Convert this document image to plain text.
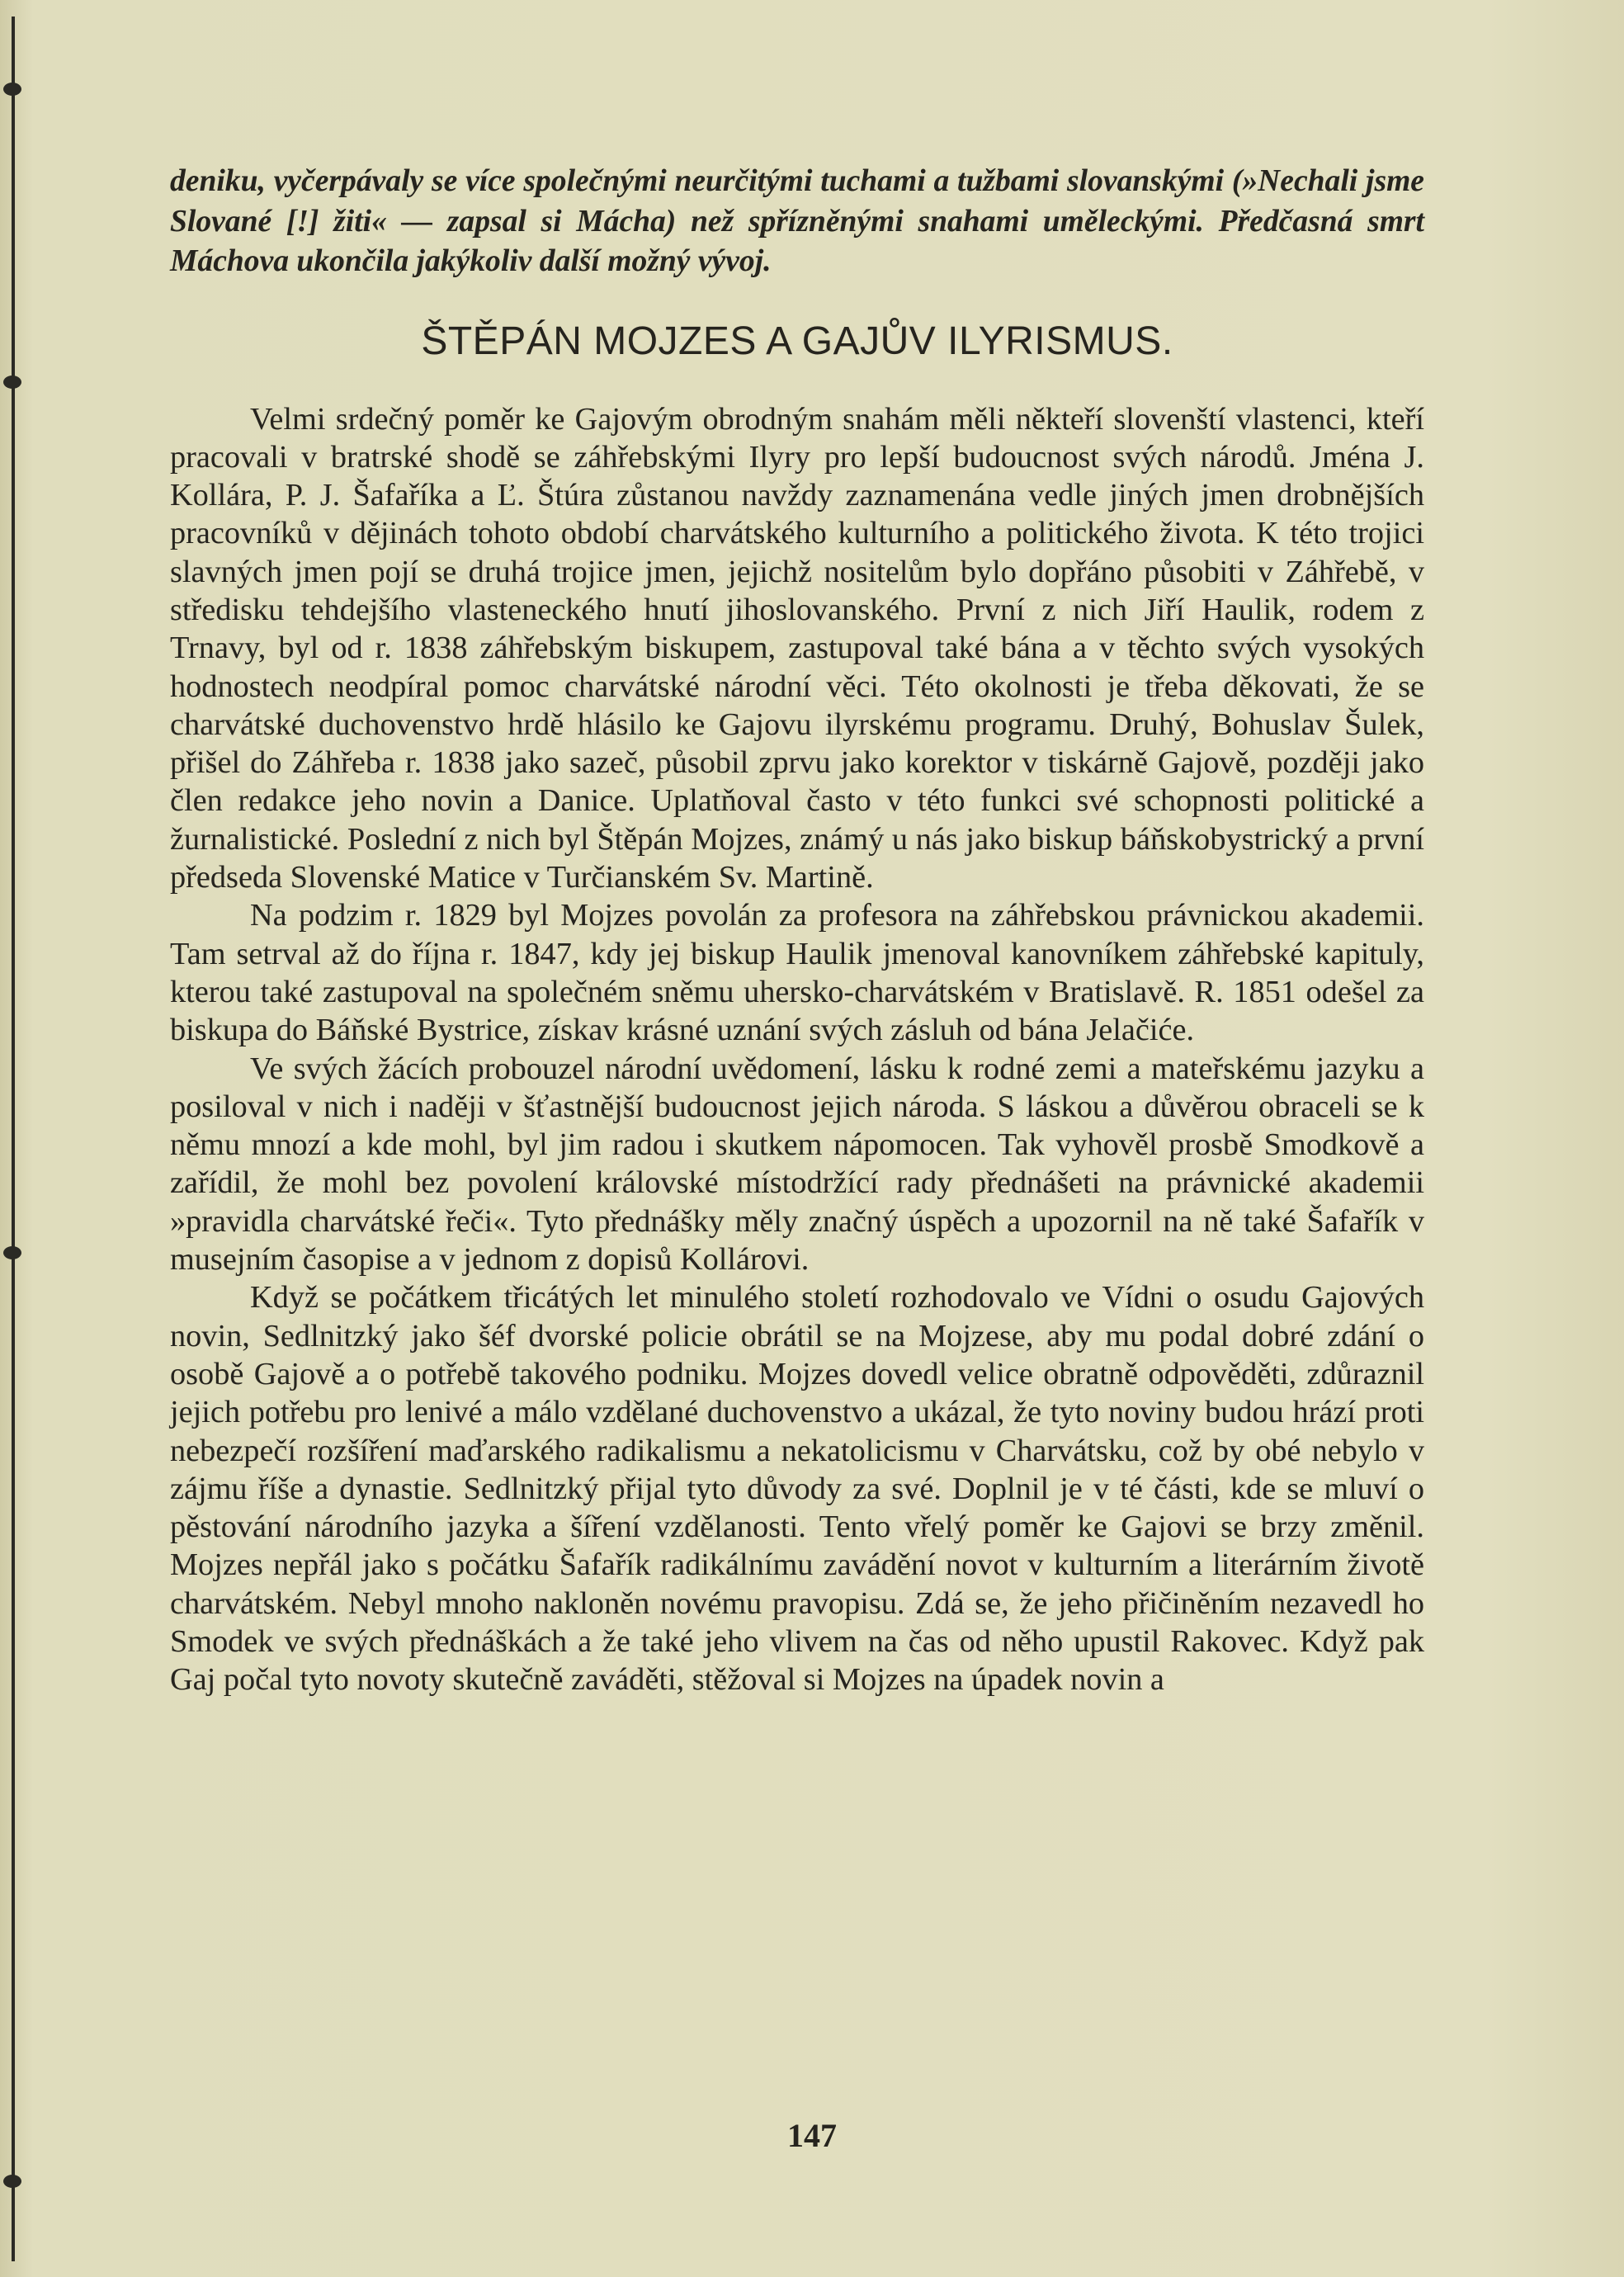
deniku, vyčerpávaly se více společnými neurčitými tuchami a tužbami slovanskými (»Nechali jsme Slované [!] žiti« — zapsal si Mácha) než spřízněnými snahami uměleckými. Předčasná smrt Máchova ukončila jakýkoliv další možný vývoj.

ŠTĚPÁN MOJZES A GAJŮV ILYRISMUS.

Velmi srdečný poměr ke Gajovým obrodným snahám měli někteří slovenští vlastenci, kteří pracovali v bratrské shodě se záhřebskými Ilyry pro lepší budoucnost svých národů. Jména J. Kollára, P. J. Šafaříka a Ľ. Štúra zůstanou navždy zaznamenána vedle jiných jmen drobnějších pracovníků v dějinách tohoto období charvátského kulturního a politického života. K této trojici slavných jmen pojí se druhá trojice jmen, jejichž nositelům bylo dopřáno působiti v Záhřebě, v středisku tehdejšího vlasteneckého hnutí jihoslovanského. První z nich Jiří Haulik, rodem z Trnavy, byl od r. 1838 záhřebským biskupem, zastupoval také bána a v těchto svých vysokých hodnostech neodpíral pomoc charvátské národní věci. Této okolnosti je třeba děkovati, že se charvátské duchovenstvo hrdě hlásilo ke Gajovu ilyrskému programu. Druhý, Bohuslav Šulek, přišel do Záhřeba r. 1838 jako sazeč, působil zprvu jako korektor v tiskárně Gajově, později jako člen redakce jeho novin a Danice. Uplatňoval často v této funkci své schopnosti politické a žurnalistické. Poslední z nich byl Štěpán Mojzes, známý u nás jako biskup báňskobystrický a první předseda Slovenské Matice v Turčianském Sv. Martině.

Na podzim r. 1829 byl Mojzes povolán za profesora na záhřebskou právnickou akademii. Tam setrval až do října r. 1847, kdy jej biskup Haulik jmenoval kanovníkem záhřebské kapituly, kterou také zastupoval na společném sněmu uhersko-charvátském v Bratislavě. R. 1851 odešel za biskupa do Báňské Bystrice, získav krásné uznání svých zásluh od bána Jelačiće.

Ve svých žácích probouzel národní uvědomení, lásku k rodné zemi a mateřskému jazyku a posiloval v nich i naději v šťastnější budoucnost jejich národa. S láskou a důvěrou obraceli se k němu mnozí a kde mohl, byl jim radou i skutkem nápomocen. Tak vyhověl prosbě Smodkově a zařídil, že mohl bez povolení královské místodržící rady přednášeti na právnické akademii »pravidla charvátské řeči«. Tyto přednášky měly značný úspěch a upozornil na ně také Šafařík v musejním časopise a v jednom z dopisů Kollárovi.

Když se počátkem třicátých let minulého století rozhodovalo ve Vídni o osudu Gajových novin, Sedlnitzký jako šéf dvorské policie obrátil se na Mojzese, aby mu podal dobré zdání o osobě Gajově a o potřebě takového podniku. Mojzes dovedl velice obratně odpověděti, zdůraznil jejich potřebu pro lenivé a málo vzdělané duchovenstvo a ukázal, že tyto noviny budou hrází proti nebezpečí rozšíření maďarského radikalismu a nekatolicismu v Charvátsku, což by obé nebylo v zájmu říše a dynastie. Sedlnitzký přijal tyto důvody za své. Doplnil je v té části, kde se mluví o pěstování národního jazyka a šíření vzdělanosti. Tento vřelý poměr ke Gajovi se brzy změnil. Mojzes nepřál jako s počátku Šafařík radikálnímu zavádění novot v kulturním a literárním životě charvátském. Nebyl mnoho nakloněn novému pravopisu. Zdá se, že jeho přičiněním nezavedl ho Smodek ve svých přednáškách a že také jeho vlivem na čas od něho upustil Rakovec. Když pak Gaj počal tyto novoty skutečně zaváděti, stěžoval si Mojzes na úpadek novin a

147
